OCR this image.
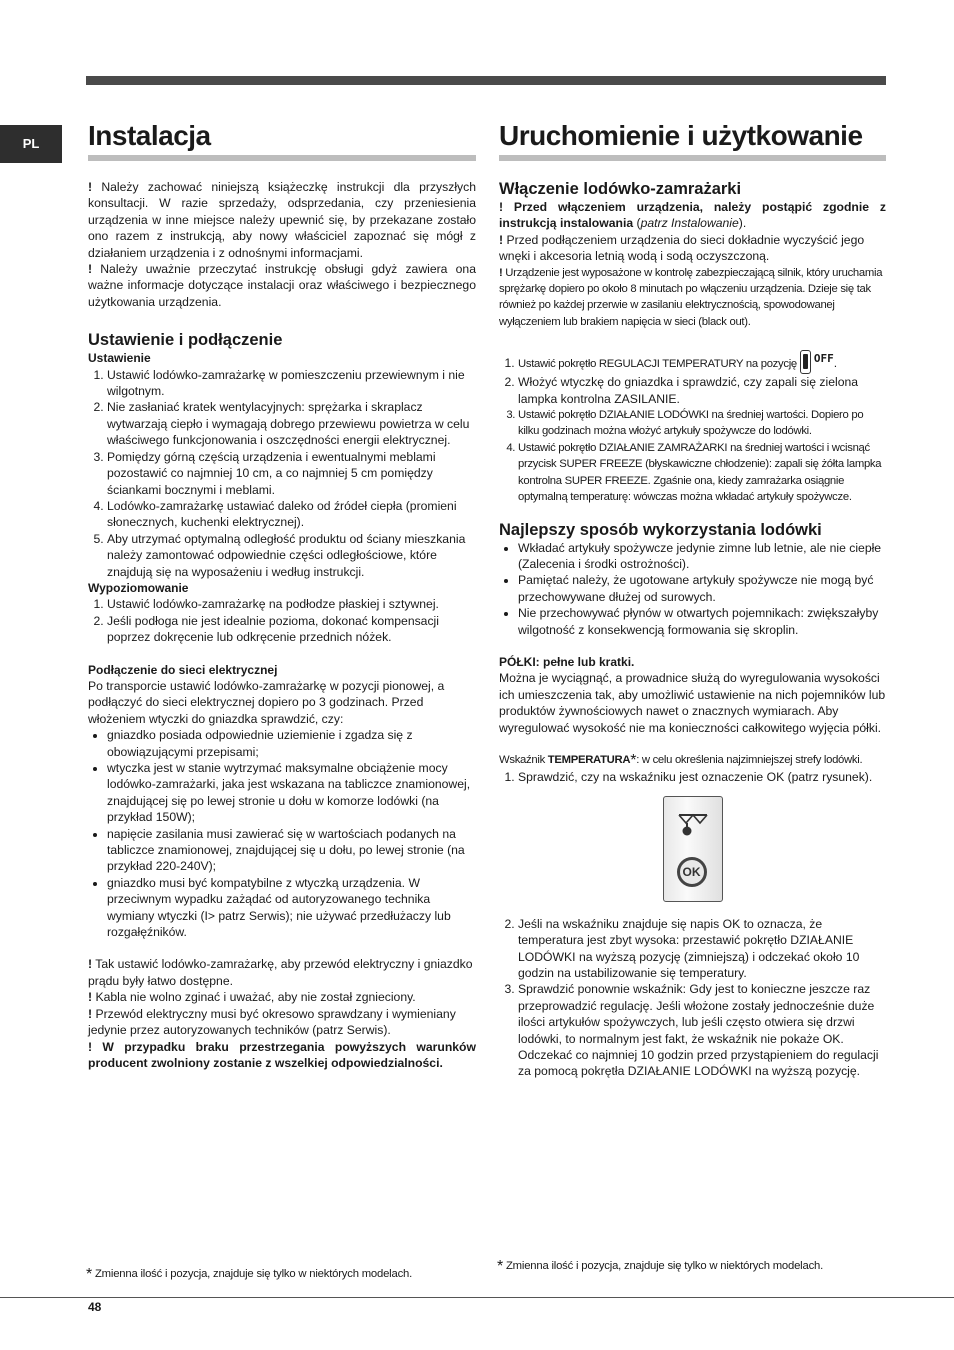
PL	Instalacja

! Należy zachować niniejszą książeczkę instrukcji dla przyszłych konsultacji. W razie sprzedaży, odsprzedania, czy przeniesienia urządzenia w inne miejsce należy upewnić się, by przekazane zostało ono razem z instrukcją, aby nowy właściciel zapoznać się mógł z działaniem urządzenia i z odnośnymi informacjami.

! Należy uważnie przeczytać instrukcję obsługi gdyż zawiera ona ważne informacje dotyczące instalacji oraz właściwego i bezpiecznego użytkowania urządzenia.

Ustawienie i podłączenie
Ustawienie
1. Ustawić lodówko-zamrażarkę w pomieszczeniu przewiewnym i nie wilgotnym.
2. Nie zasłaniać kratek wentylacyjnych: sprężarka i skraplacz wytwarzają ciepło i wymagają dobrego przewiewu powietrza w celu właściwego funkcjonowania i oszczędności energii elektrycznej.
3. Pomiędzy górną częścią urządzenia i ewentualnymi meblami pozostawić co najmniej 10 cm, a co najmniej 5 cm pomiędzy ściankami bocznymi i meblami.
4. Lodówko-zamrażarkę ustawiać daleko od źródeł ciepła (promieni słonecznych, kuchenki elektrycznej).
5. Aby utrzymać optymalną odległość produktu od ściany mieszkania należy zamontować odpowiednie części odległościowe, które znajdują się na wyposażeniu i według instrukcji.
Wypoziomowanie
1. Ustawić lodówko-zamrażarkę na podłodze płaskiej i sztywnej.
2. Jeśli podłoga nie jest idealnie pozioma, dokonać kompensacji poprzez dokręcenie lub odkręcenie przednich nóżek.
Podłączenie do sieci elektrycznej

Po transporcie ustawić lodówko-zamrażarkę w pozycji pionowej, a podłączyć do sieci elektrycznej dopiero po 3 godzinach. Przed włożeniem wtyczki do gniazdka sprawdzić, czy:

• gniazdko posiada odpowiednie uziemienie i zgadza się z obowiązującymi przepisami;
• wtyczka jest w stanie wytrzymać maksymalne obciążenie mocy lodówko-zamrażarki, jaka jest wskazana na tabliczce znamionowej, znajdującej się po lewej stronie u dołu w komorze lodówki (na przykład 150W);
• napięcie zasilania musi zawierać się w wartościach podanych na tabliczce znamionowej, znajdującej się u dołu, po lewej stronie (na przykład 220-240V);
• gniazdko musi być kompatybilne z wtyczką urządzenia. W przeciwnym wypadku zażądać od autoryzowanego technika wymiany wtyczki (I> patrz Serwis); nie używać przedłużaczy lub rozgałęźników.

! Tak ustawić lodówko-zamrażarkę, aby przewód elektryczny i gniazdko prądu były łatwo dostępne.

! Kabla nie wolno zginać i uważać, aby nie został zgnieciony.

! Przewód elektryczny musi być okresowo sprawdzany i wymieniany jedynie przez autoryzowanych techników (patrz Serwis).

! W przypadku braku przestrzegania powyższych warunków producent zwolniony zostanie z wszelkiej odpowiedzialności.

* Zmienna ilość i pozycja, znajduje się tylko w niektórych modelach.
Uruchomienie i użytkowanie
Włączenie lodówko-zamrażarki

! Przed włączeniem urządzenia, należy postąpić zgodnie z instrukcją instalowania (patrz Instalowanie).

! Przed podłączeniem urządzenia do sieci dokładnie wyczyścić jego wnęki i akcesoria letnią wodą i sodą oczyszczoną.

! Urządzenie jest wyposażone w kontrolę zabezpieczającą silnik, który uruchamia sprężarkę dopiero po około 8 minutach po włączeniu urządzenia. Dzieje się tak również po każdej przerwie w zasilaniu elektrycznością, spowodowanej wyłączeniem lub brakiem napięcia w sieci (black out).

1. Ustawić pokrętło REGULACJI TEMPERATURY na pozycję OFF.
2. Włożyć wtyczkę do gniazdka i sprawdzić, czy zapali się zielona lampka kontrolna ZASILANIE.
3. Ustawić pokrętło DZIAŁANIE LODÓWKI na średniej wartości. Dopiero po kilku godzinach można włożyć artykuły spożywcze do lodówki.
4. Ustawić pokrętło DZIAŁANIE ZAMRAŻARKI na średniej wartości i wcisnąć przycisk SUPER FREEZE (błyskawiczne chłodzenie): zapali się żółta lampka kontrolna SUPER FREEZE. Zgaśnie ona, kiedy zamrażarka osiągnie optymalną temperaturę: wówczas można wkładać artykuły spożywcze.
Najlepszy sposób wykorzystania lodówki
• Wkładać artykuły spożywcze jedynie zimne lub letnie, ale nie ciepłe (Zalecenia i środki ostrożności).
• Pamiętać należy, że ugotowane artykuły spożywcze nie mogą być przechowywane dłużej od surowych.
• Nie przechowywać płynów w otwartych pojemnikach: zwiększałyby wilgotność z konsekwencją formowania się skroplin.
PÓŁKI: pełne lub kratki.

Można je wyciągnąć, a prowadnice służą do wyregulowania wysokości ich umieszczenia tak, aby umożliwić ustawienie na nich pojemników lub produktów żywnościowych nawet o znacznych wymiarach. Aby wyregulować wysokość nie ma konieczności całkowitego wyjęcia półki.

Wskaźnik TEMPERATURA*: w celu określenia najzimniejszej strefy lodówki.

1. Sprawdzić, czy na wskaźniku jest oznaczenie OK (patrz rysunek).
OK
2. Jeśli na wskaźniku znajduje się napis OK to oznacza, że temperatura jest zbyt wysoka: przestawić pokrętło DZIAŁANIE LODÓWKI na wyższą pozycję (zimniejszą) i odczekać około 10 godzin na ustabilizowanie się temperatury.
3. Sprawdzić ponownie wskaźnik: Gdy jest to konieczne jeszcze raz przeprowadzić regulację. Jeśli włożone zostały jednocześnie duże ilości artykułów spożywczych, lub jeśli często otwiera się drzwi lodówki, to normalnym jest fakt, że wskaźnik nie pokaże OK. Odczekać co najmniej 10 godzin przed przystąpieniem do regulacji za pomocą pokrętła DZIAŁANIE LODÓWKI na wyższą pozycję.
* Zmienna ilość i pozycja, znajduje się tylko w niektórych modelach.
48
